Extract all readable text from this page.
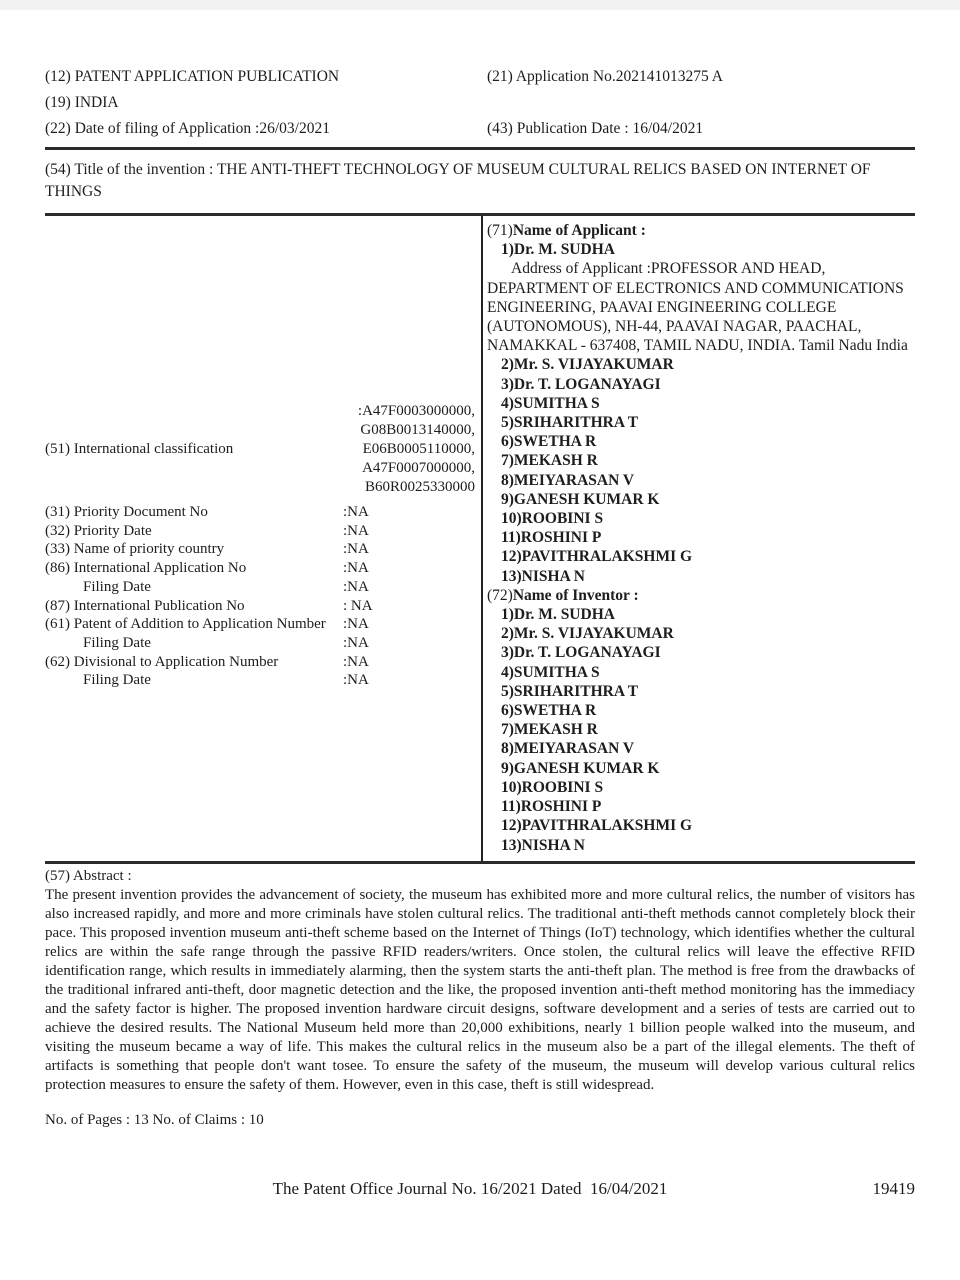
(12) PATENT APPLICATION PUBLICATION	(21) Application No.202141013275 A
(19) INDIA
(22) Date of filing of Application :26/03/2021	(43) Publication Date : 16/04/2021
(54) Title of the invention : THE ANTI-THEFT TECHNOLOGY OF MUSEUM CULTURAL RELICS BASED ON INTERNET OF THINGS
(51) International classification
:A47F0003000000,
G08B0013140000,
E06B0005110000,
A47F0007000000,
B60R0025330000
(31) Priority Document No	:NA
(32) Priority Date	:NA
(33) Name of priority country	:NA
(86) International Application No	:NA
Filing Date	:NA
(87) International Publication No	: NA
(61) Patent of Addition to Application Number	:NA
Filing Date	:NA
(62) Divisional to Application Number	:NA
Filing Date	:NA
(71)Name of Applicant :
1)Dr. M. SUDHA
Address of Applicant :PROFESSOR AND HEAD, DEPARTMENT OF ELECTRONICS AND COMMUNICATIONS ENGINEERING, PAAVAI ENGINEERING COLLEGE (AUTONOMOUS), NH-44, PAAVAI NAGAR, PAACHAL, NAMAKKAL - 637408, TAMIL NADU, INDIA. Tamil Nadu India
2)Mr. S. VIJAYAKUMAR
3)Dr. T. LOGANAYAGI
4)SUMITHA S
5)SRIHARITHRA T
6)SWETHA R
7)MEKASH R
8)MEIYARASAN V
9)GANESH KUMAR K
10)ROOBINI S
11)ROSHINI P
12)PAVITHRALAKSHMI G
13)NISHA N
(72)Name of Inventor :
1)Dr. M. SUDHA
2)Mr. S. VIJAYAKUMAR
3)Dr. T. LOGANAYAGI
4)SUMITHA S
5)SRIHARITHRA T
6)SWETHA R
7)MEKASH R
8)MEIYARASAN V
9)GANESH KUMAR K
10)ROOBINI S
11)ROSHINI P
12)PAVITHRALAKSHMI G
13)NISHA N
(57) Abstract :
The present invention provides the advancement of society, the museum has exhibited more and more cultural relics, the number of visitors has also increased rapidly, and more and more criminals have stolen cultural relics. The traditional anti-theft methods cannot completely block their pace. This proposed invention museum anti-theft scheme based on the Internet of Things (IoT) technology, which identifies whether the cultural relics are within the safe range through the passive RFID readers/writers. Once stolen, the cultural relics will leave the effective RFID identification range, which results in immediately alarming, then the system starts the anti-theft plan. The method is free from the drawbacks of the traditional infrared anti-theft, door magnetic detection and the like, the proposed invention anti-theft method monitoring has the immediacy and the safety factor is higher. The proposed invention hardware circuit designs, software development and a series of tests are carried out to achieve the desired results. The National Museum held more than 20,000 exhibitions, nearly 1 billion people walked into the museum, and visiting the museum became a way of life. This makes the cultural relics in the museum also be a part of the illegal elements. The theft of artifacts is something that people don't want tosee. To ensure the safety of the museum, the museum will develop various cultural relics protection measures to ensure the safety of them. However, even in this case, theft is still widespread.
No. of Pages : 13 No. of Claims : 10
The Patent Office Journal No. 16/2021 Dated  16/04/2021	19419
